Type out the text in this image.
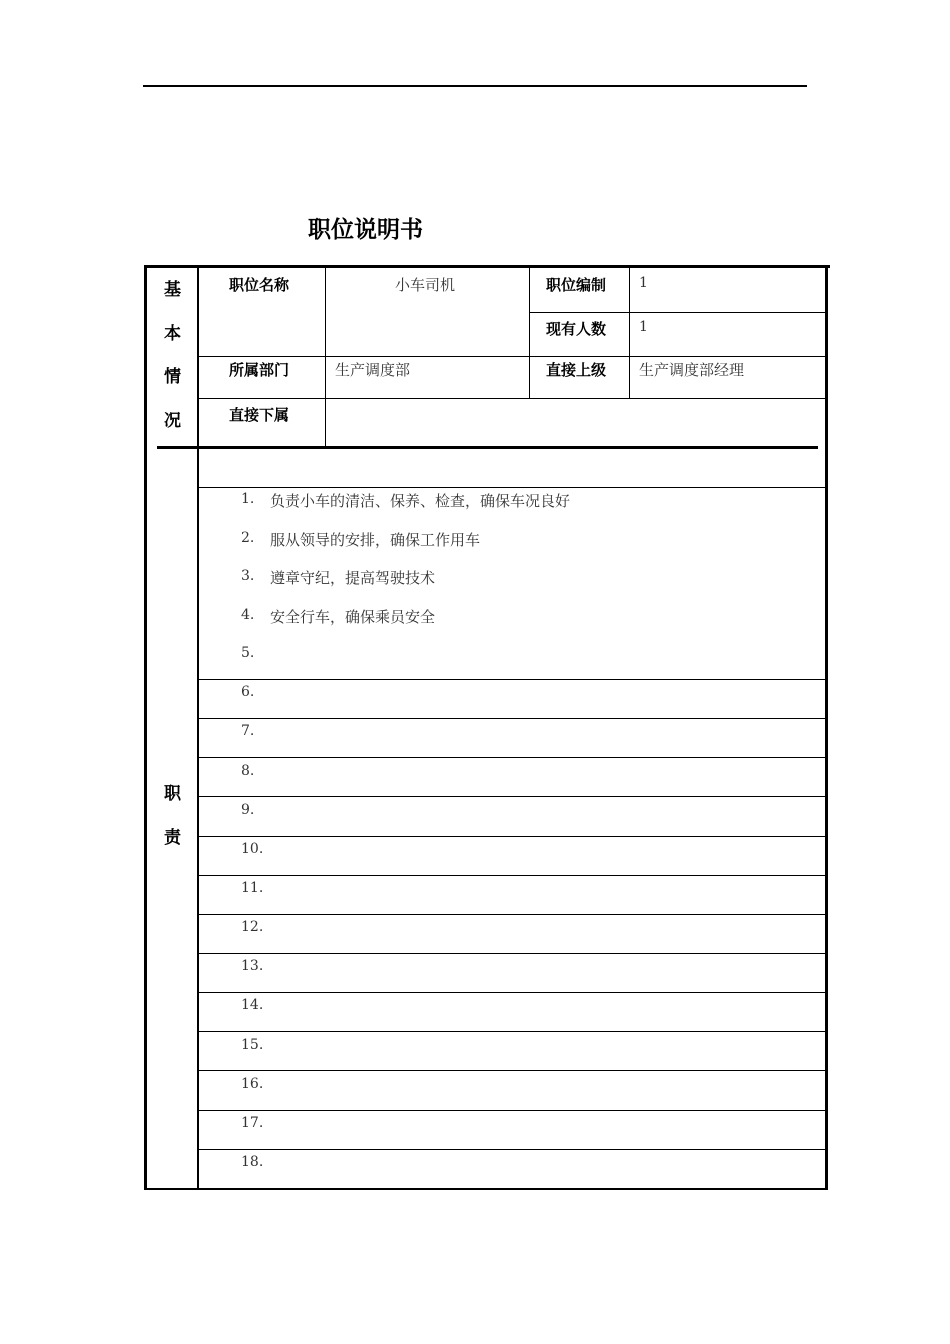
职位说明书
基
本
情
况
职位名称	小车司机	职位编制 1
现有人数 1
所属部门	生产调度部	直接上级 生产调度部经理
直接下属
职
责
1. 负责小车的清洁、保养、检查，确保车况良好
2. 服从领导的安排，确保工作用车
3. 遵章守纪，提高驾驶技术
4. 安全行车，确保乘员安全
5.
6.
7.
8.
9.
10.
11.
12.
13.
14.
15.
16.
17.
18.
